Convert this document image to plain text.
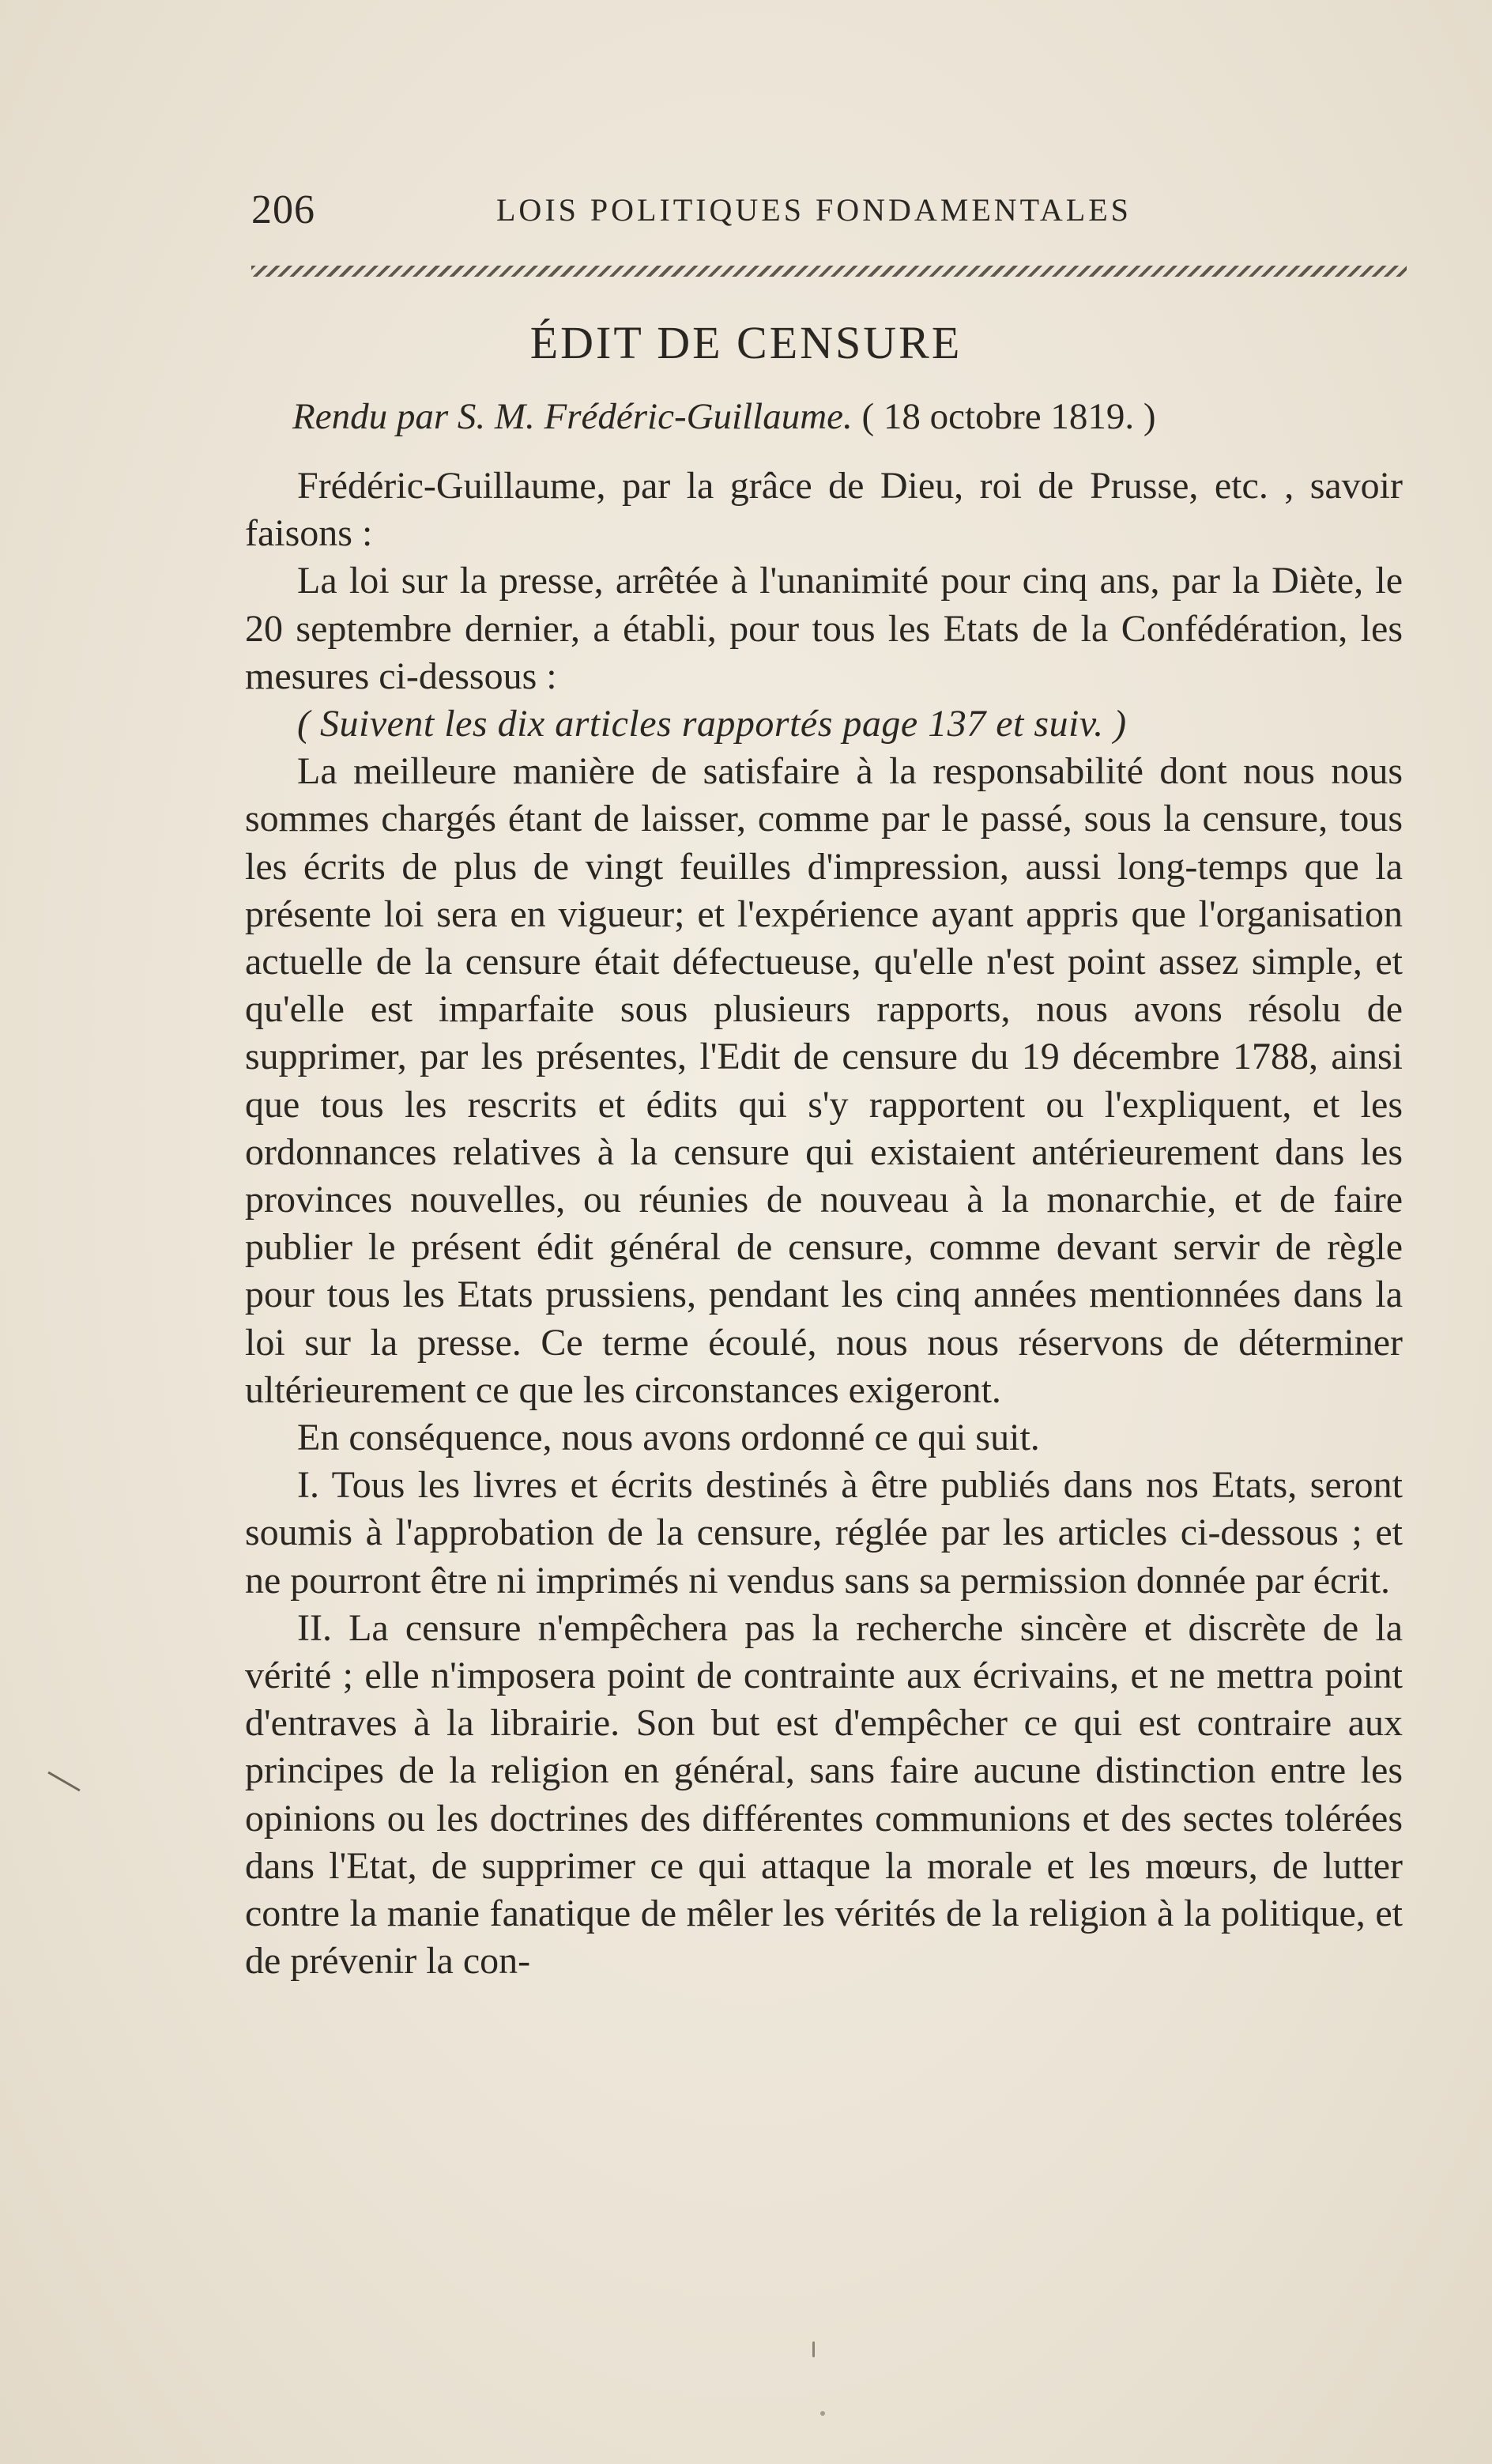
206	LOIS POLITIQUES FONDAMENTALES
ÉDIT DE CENSURE
Rendu par S. M. Frédéric-Guillaume. ( 18 octobre 1819. )

Frédéric-Guillaume, par la grâce de Dieu, roi de Prusse, etc. , savoir faisons :

La loi sur la presse, arrêtée à l'unanimité pour cinq ans, par la Diète, le 20 septembre dernier, a établi, pour tous les Etats de la Confédération, les mesures ci-dessous :

( Suivent les dix articles rapportés page 137 et suiv. )

La meilleure manière de satisfaire à la responsabilité dont nous nous sommes chargés étant de laisser, comme par le passé, sous la censure, tous les écrits de plus de vingt feuilles d'impression, aussi long-temps que la présente loi sera en vigueur; et l'expérience ayant appris que l'organisation actuelle de la censure était défectueuse, qu'elle n'est point assez simple, et qu'elle est imparfaite sous plusieurs rapports, nous avons résolu de supprimer, par les présentes, l'Edit de censure du 19 décembre 1788, ainsi que tous les rescrits et édits qui s'y rapportent ou l'expliquent, et les ordonnances relatives à la censure qui existaient antérieurement dans les provinces nouvelles, ou réunies de nouveau à la monarchie, et de faire publier le présent édit général de censure, comme devant servir de règle pour tous les Etats prussiens, pendant les cinq années mentionnées dans la loi sur la presse. Ce terme écoulé, nous nous réservons de déterminer ultérieurement ce que les circonstances exigeront.

En conséquence, nous avons ordonné ce qui suit.

I. Tous les livres et écrits destinés à être publiés dans nos Etats, seront soumis à l'approbation de la censure, réglée par les articles ci-dessous ; et ne pourront être ni imprimés ni vendus sans sa permission donnée par écrit.

II. La censure n'empêchera pas la recherche sincère et discrète de la vérité ; elle n'imposera point de contrainte aux écrivains, et ne mettra point d'entraves à la librairie. Son but est d'empêcher ce qui est contraire aux principes de la religion en général, sans faire aucune distinction entre les opinions ou les doctrines des différentes communions et des sectes tolérées dans l'Etat, de supprimer ce qui attaque la morale et les mœurs, de lutter contre la manie fanatique de mêler les vérités de la religion à la politique, et de prévenir la con-
